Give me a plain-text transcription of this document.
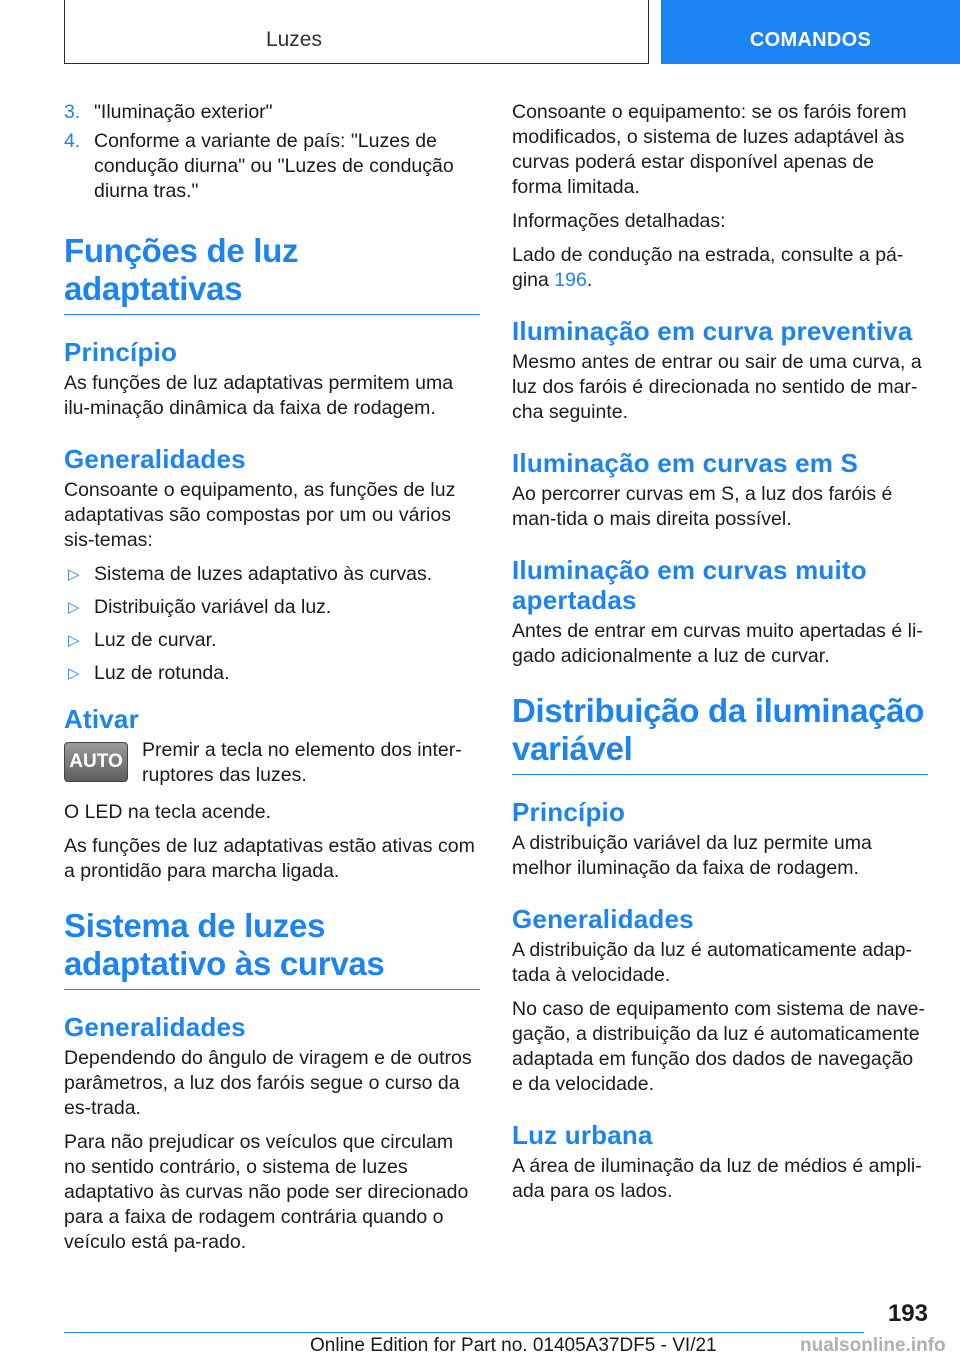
Luzes	COMANDOS
3. "Iluminação exterior"
4. Conforme a variante de país: "Luzes de condução diurna" ou "Luzes de condução diurna tras."
Funções de luz adaptativas
Princípio

As funções de luz adaptativas permitem uma ilu-minação dinâmica da faixa de rodagem.

Generalidades

Consoante o equipamento, as funções de luz adaptativas são compostas por um ou vários sis-temas:

▷ Sistema de luzes adaptativo às curvas.
▷ Distribuição variável da luz.
▷ Luz de curvar.
▷ Luz de rotunda.
Ativar
AUTO
Premir a tecla no elemento dos inter-ruptores das luzes.

O LED na tecla acende.

As funções de luz adaptativas estão ativas com a prontidão para marcha ligada.

Sistema de luzes adaptativo às curvas
Generalidades

Dependendo do ângulo de viragem e de outros parâmetros, a luz dos faróis segue o curso da es-trada.

Para não prejudicar os veículos que circulam no sentido contrário, o sistema de luzes adaptativo às curvas não pode ser direcionado para a faixa de rodagem contrária quando o veículo está pa-rado.

Consoante o equipamento: se os faróis forem modificados, o sistema de luzes adaptável às curvas poderá estar disponível apenas de forma limitada.

Informações detalhadas:

Lado de condução na estrada, consulte a pá-gina 196.

Iluminação em curva preventiva

Mesmo antes de entrar ou sair de uma curva, a luz dos faróis é direcionada no sentido de mar-cha seguinte.

Iluminação em curvas em S

Ao percorrer curvas em S, a luz dos faróis é man-tida o mais direita possível.

Iluminação em curvas muito apertadas

Antes de entrar em curvas muito apertadas é li-gado adicionalmente a luz de curvar.

Distribuição da iluminação variável
Princípio

A distribuição variável da luz permite uma melhor iluminação da faixa de rodagem.

Generalidades

A distribuição da luz é automaticamente adap-tada à velocidade.

No caso de equipamento com sistema de nave-gação, a distribuição da luz é automaticamente adaptada em função dos dados de navegação e da velocidade.

Luz urbana

A área de iluminação da luz de médios é ampli-ada para os lados.

193
Online Edition for Part no. 01405A37DF5 - VI/21	nualsonline.info
